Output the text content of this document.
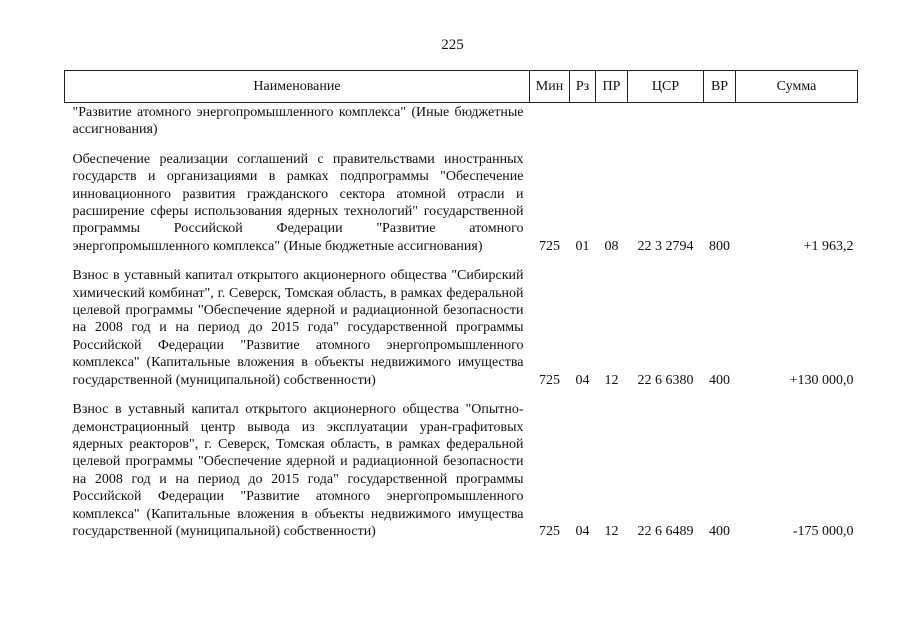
225
Наименование	Мин	Рз	ПР	ЦСР	ВР	Сумма
"Развитие атомного энергопромышленного комплекса" (Иные бюджетные ассигнования)						
Обеспечение реализации соглашений с правительствами иностранных государств и организациями в рамках подпрограммы "Обеспечение инновационного развития гражданского сектора атомной отрасли и расширение сферы использования ядерных технологий" государственной программы Российской Федерации "Развитие атомного энергопромышленного комплекса" (Иные бюджетные ассигнования)	725	01	08	22 3 2794	800	+1 963,2
Взнос в уставный капитал открытого акционерного общества "Сибирский химический комбинат", г. Северск, Томская область, в рамках федеральной целевой программы "Обеспечение ядерной и радиационной безопасности на 2008 год и на период до 2015 года" государственной программы Российской Федерации "Развитие атомного энергопромышленного комплекса" (Капитальные вложения в объекты недвижимого имущества государственной (муниципальной) собственности)	725	04	12	22 6 6380	400	+130 000,0
Взнос в уставный капитал открытого акционерного общества "Опытно-демонстрационный центр вывода из эксплуатации уран-графитовых ядерных реакторов", г. Северск, Томская область, в рамках федеральной целевой программы "Обеспечение ядерной и радиационной безопасности на 2008 год и на период до 2015 года" государственной программы Российской Федерации "Развитие атомного энергопромышленного комплекса" (Капитальные вложения в объекты недвижимого имущества государственной (муниципальной) собственности)	725	04	12	22 6 6489	400	-175 000,0
